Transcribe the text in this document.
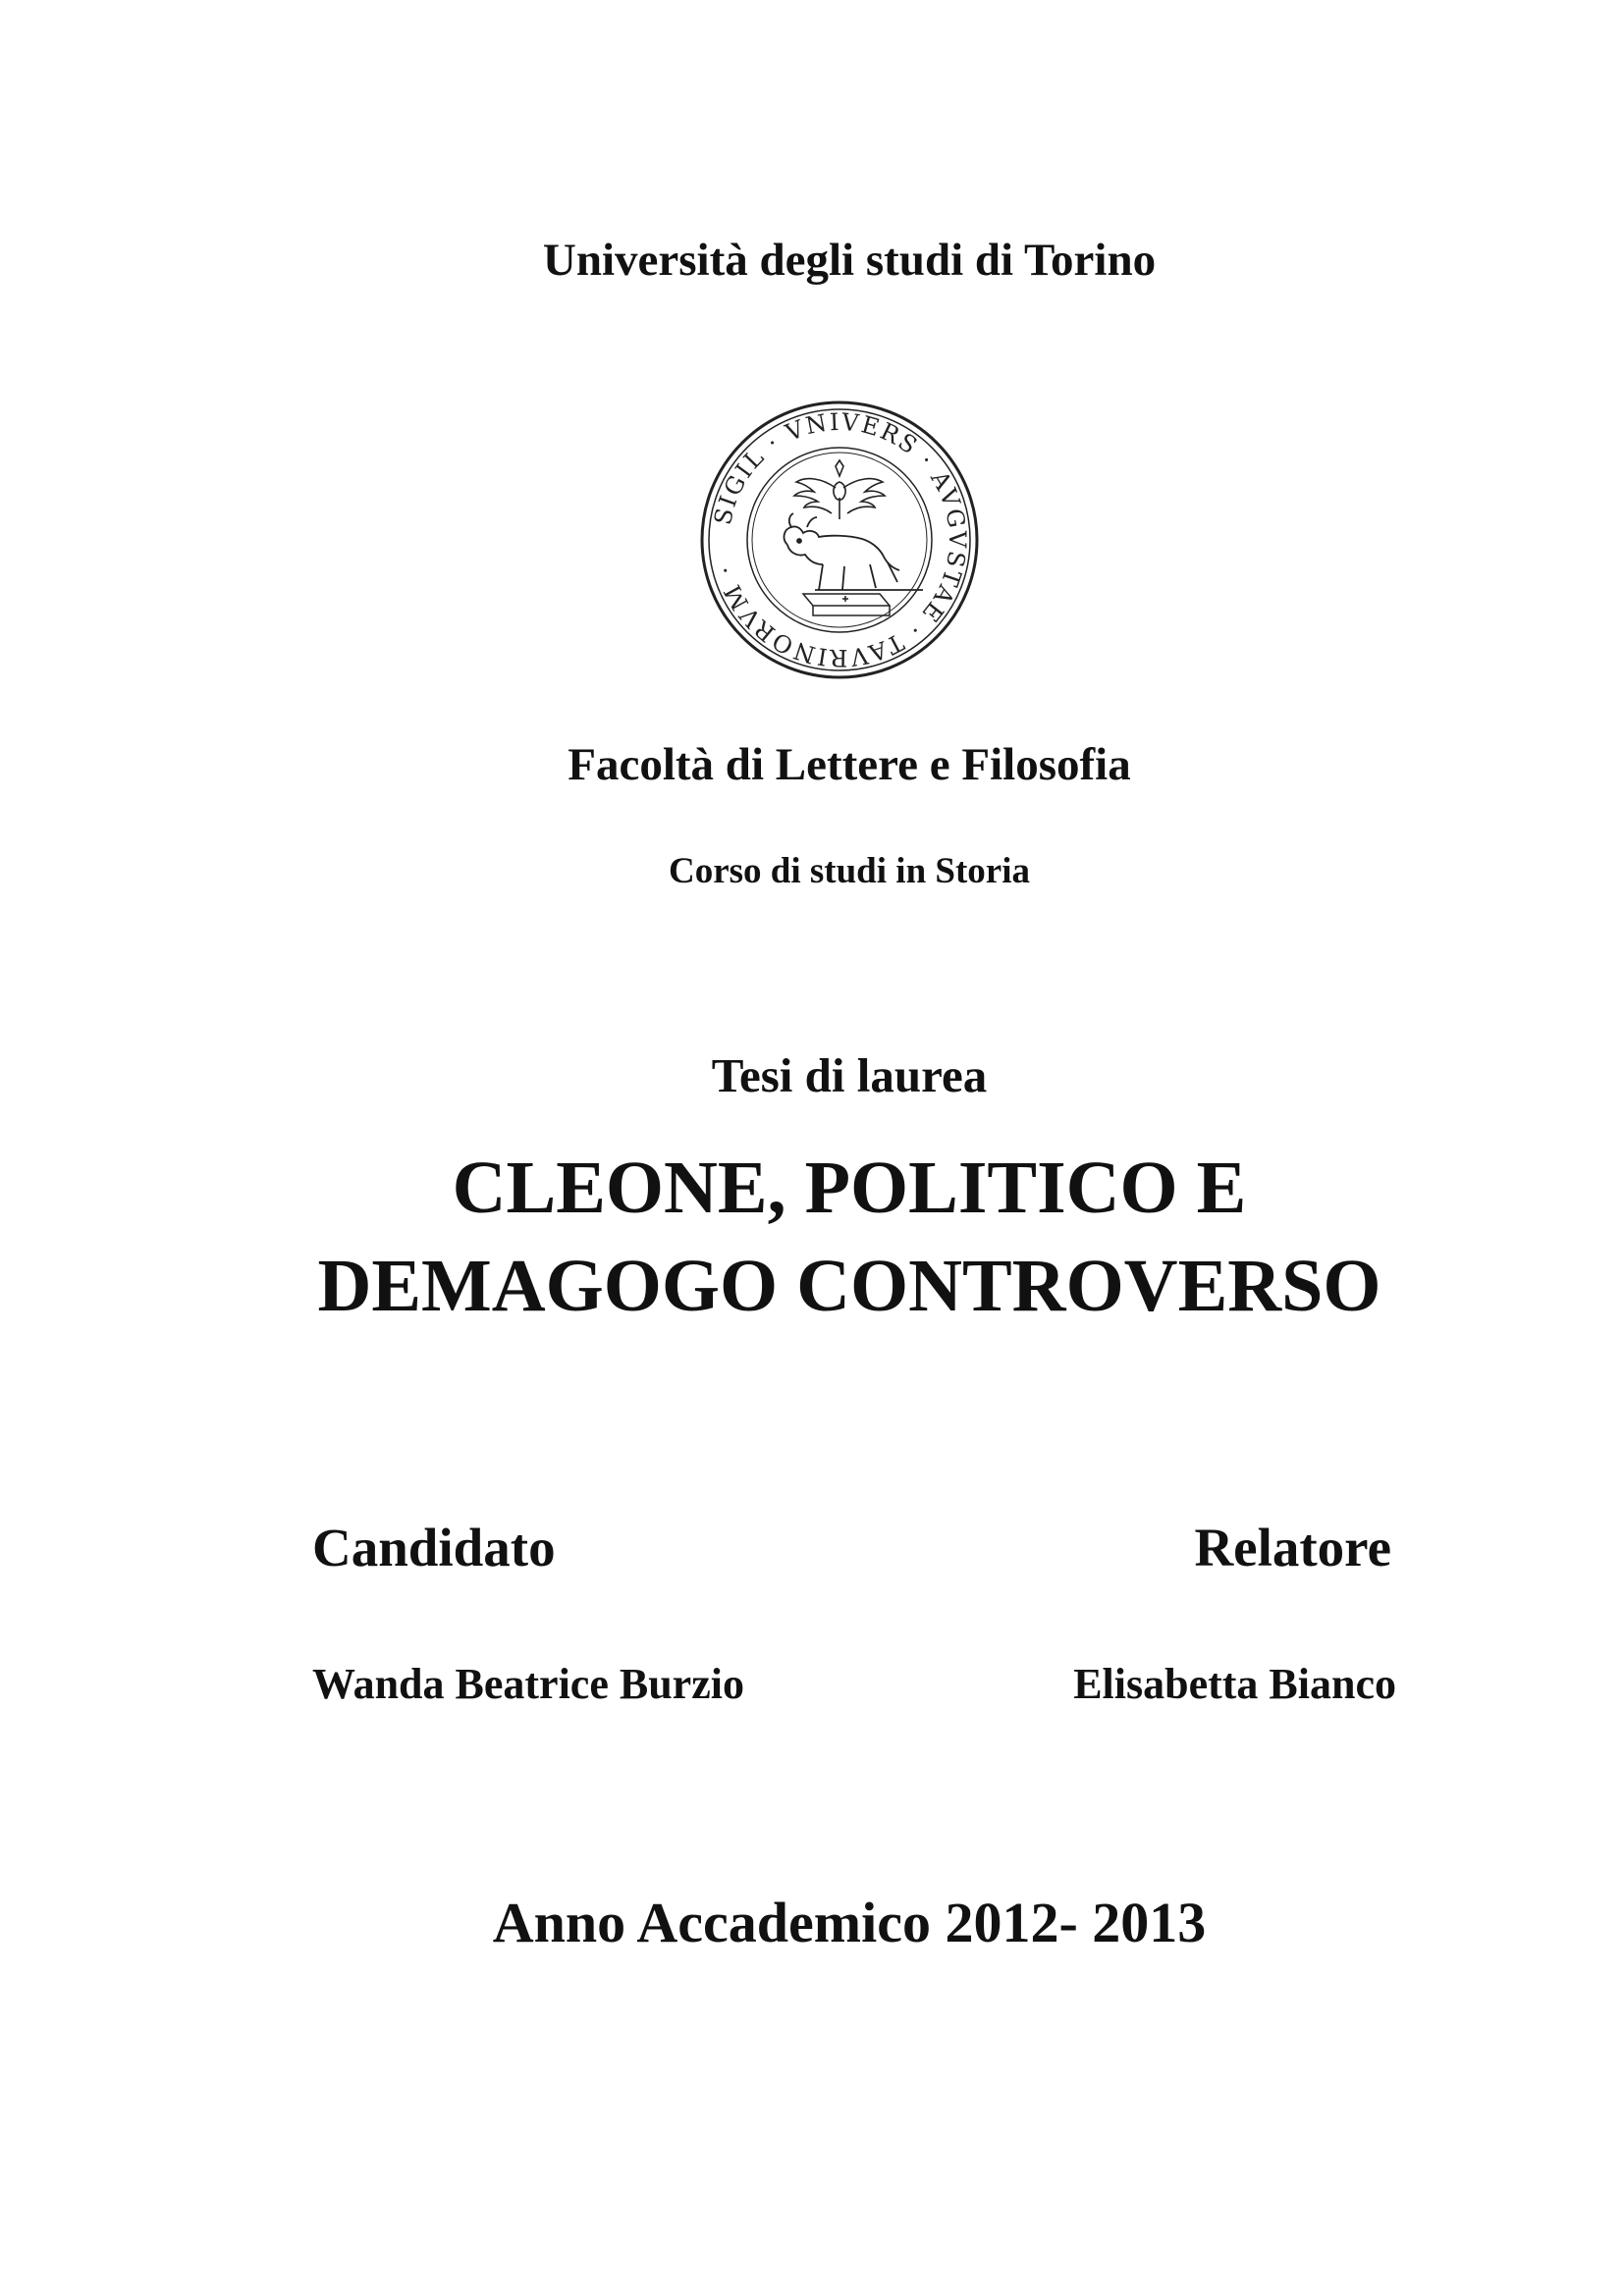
Università degli studi di Torino
SIGIL · VNIVERS · AVGVSTAE · TAVRINORVM ·
Facoltà di Lettere e Filosofia
Corso di studi in Storia
Tesi di laurea
CLEONE, POLITICO E
DEMAGOGO CONTROVERSO
Candidato	Relatore
Wanda Beatrice Burzio	Elisabetta Bianco
Anno Accademico 2012- 2013
